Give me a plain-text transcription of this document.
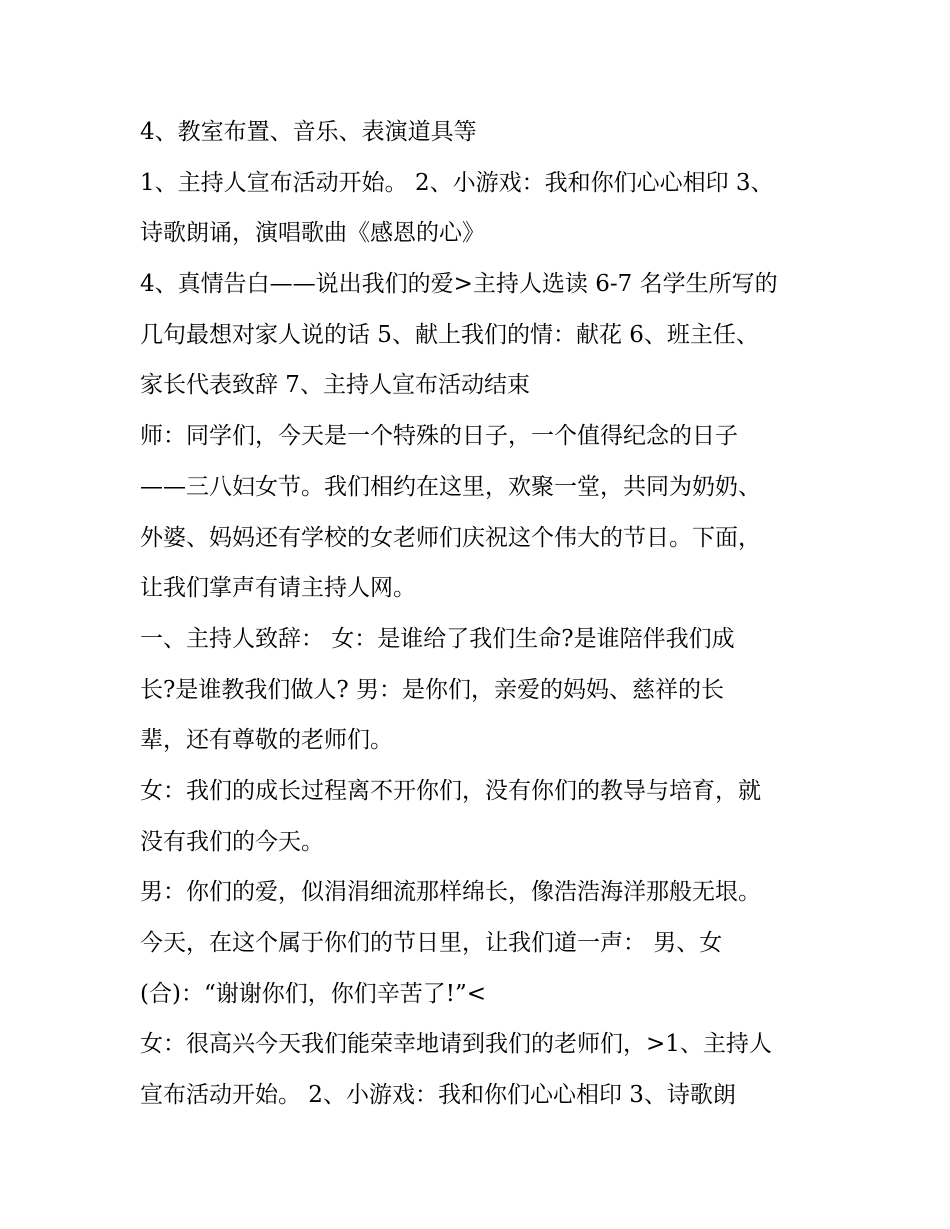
4、教室布置、音乐、表演道具等
1、主持人宣布活动开始。 2、小游戏：我和你们心心相印 3、
诗歌朗诵，演唱歌曲《感恩的心》
4、真情告白——说出我们的爱>主持人选读 6-7 名学生所写的
几句最想对家人说的话 5、献上我们的情：献花 6、班主任、
家长代表致辞 7、主持人宣布活动结束
师：同学们，今天是一个特殊的日子，一个值得纪念的日子
——三八妇女节。我们相约在这里，欢聚一堂，共同为奶奶、
外婆、妈妈还有学校的女老师们庆祝这个伟大的节日。下面，
让我们掌声有请主持人网。
一、主持人致辞： 女：是谁给了我们生命?是谁陪伴我们成
长?是谁教我们做人? 男：是你们，亲爱的妈妈、慈祥的长
辈，还有尊敬的老师们。
女：我们的成长过程离不开你们，没有你们的教导与培育，就
没有我们的今天。
男：你们的爱，似涓涓细流那样绵长，像浩浩海洋那般无垠。
今天，在这个属于你们的节日里，让我们道一声： 男、女
(合)：“谢谢你们，你们辛苦了!”<
女：很高兴今天我们能荣幸地请到我们的老师们，>1、主持人
宣布活动开始。 2、小游戏：我和你们心心相印 3、诗歌朗
